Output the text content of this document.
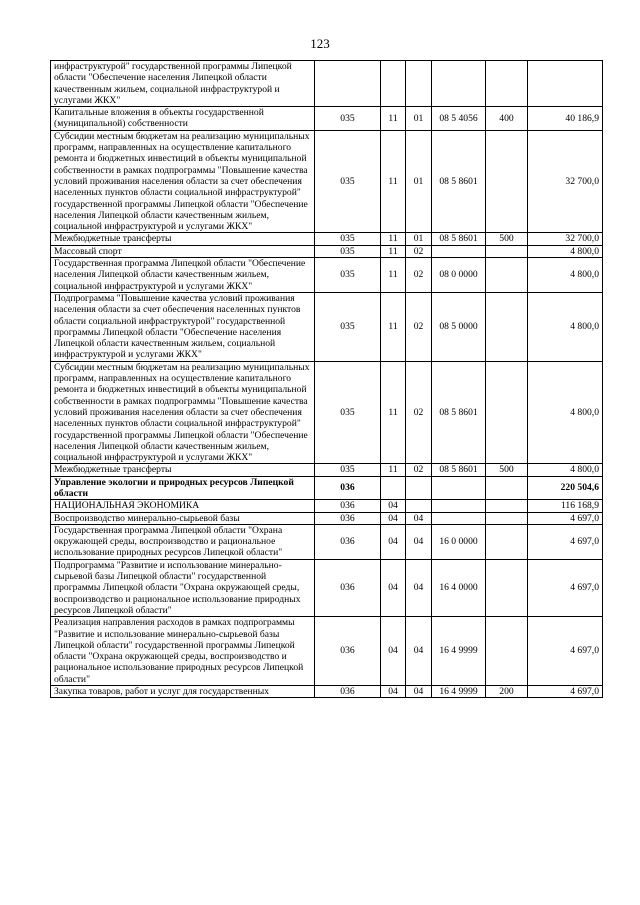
123
инфраструктурой" государственной программы Липецкой области "Обеспечение населения Липецкой области качественным жильем, социальной инфраструктурой и услугами ЖКХ"						
Капитальные вложения в объекты государственной (муниципальной) собственности	035	11	01	08 5 4056	400	40 186,9
Субсидии местным бюджетам на реализацию муниципальных программ, направленных на осуществление капитального ремонта и бюджетных инвестиций в объекты муниципальной собственности в рамках подпрограммы "Повышение качества условий проживания населения области за счет обеспечения населенных пунктов области социальной инфраструктурой" государственной программы Липецкой области "Обеспечение населения Липецкой области качественным жильем, социальной инфраструктурой и услугами ЖКХ"	035	11	01	08 5 8601		32 700,0
Межбюджетные трансферты	035	11	01	08 5 8601	500	32 700,0
Массовый спорт	035	11	02			4 800,0
Государственная программа Липецкой области "Обеспечение населения Липецкой области качественным жильем, социальной инфраструктурой и услугами ЖКХ"	035	11	02	08 0 0000		4 800,0
Подпрограмма "Повышение качества условий проживания населения области за счет обеспечения населенных пунктов области социальной инфраструктурой" государственной программы Липецкой области "Обеспечение населения Липецкой области качественным жильем, социальной инфраструктурой и услугами ЖКХ"	035	11	02	08 5 0000		4 800,0
Субсидии местным бюджетам на реализацию муниципальных программ, направленных на осуществление капитального ремонта и бюджетных инвестиций в объекты муниципальной собственности в рамках подпрограммы "Повышение качества условий проживания населения области за счет обеспечения населенных пунктов области социальной инфраструктурой" государственной программы Липецкой области "Обеспечение населения Липецкой области качественным жильем, социальной инфраструктурой и услугами ЖКХ"	035	11	02	08 5 8601		4 800,0
Межбюджетные трансферты	035	11	02	08 5 8601	500	4 800,0
Управление экологии и природных ресурсов Липецкой области	036					220 504,6
НАЦИОНАЛЬНАЯ ЭКОНОМИКА	036	04				116 168,9
Воспроизводство минерально-сырьевой базы	036	04	04			4 697,0
Государственная программа Липецкой области "Охрана окружающей среды, воспроизводство и рациональное использование природных ресурсов Липецкой области"	036	04	04	16 0 0000		4 697,0
Подпрограмма "Развитие и использование минерально-сырьевой базы Липецкой области" государственной программы Липецкой области "Охрана окружающей среды, воспроизводство и рациональное использование природных ресурсов Липецкой области"	036	04	04	16 4 0000		4 697,0
Реализация направления расходов в рамках подпрограммы "Развитие и использование минерально-сырьевой базы Липецкой области" государственной программы Липецкой области "Охрана окружающей среды, воспроизводство и рациональное использование природных ресурсов Липецкой области"	036	04	04	16 4 9999		4 697,0
Закупка товаров, работ и услуг для государственных	036	04	04	16 4 9999	200	4 697,0
